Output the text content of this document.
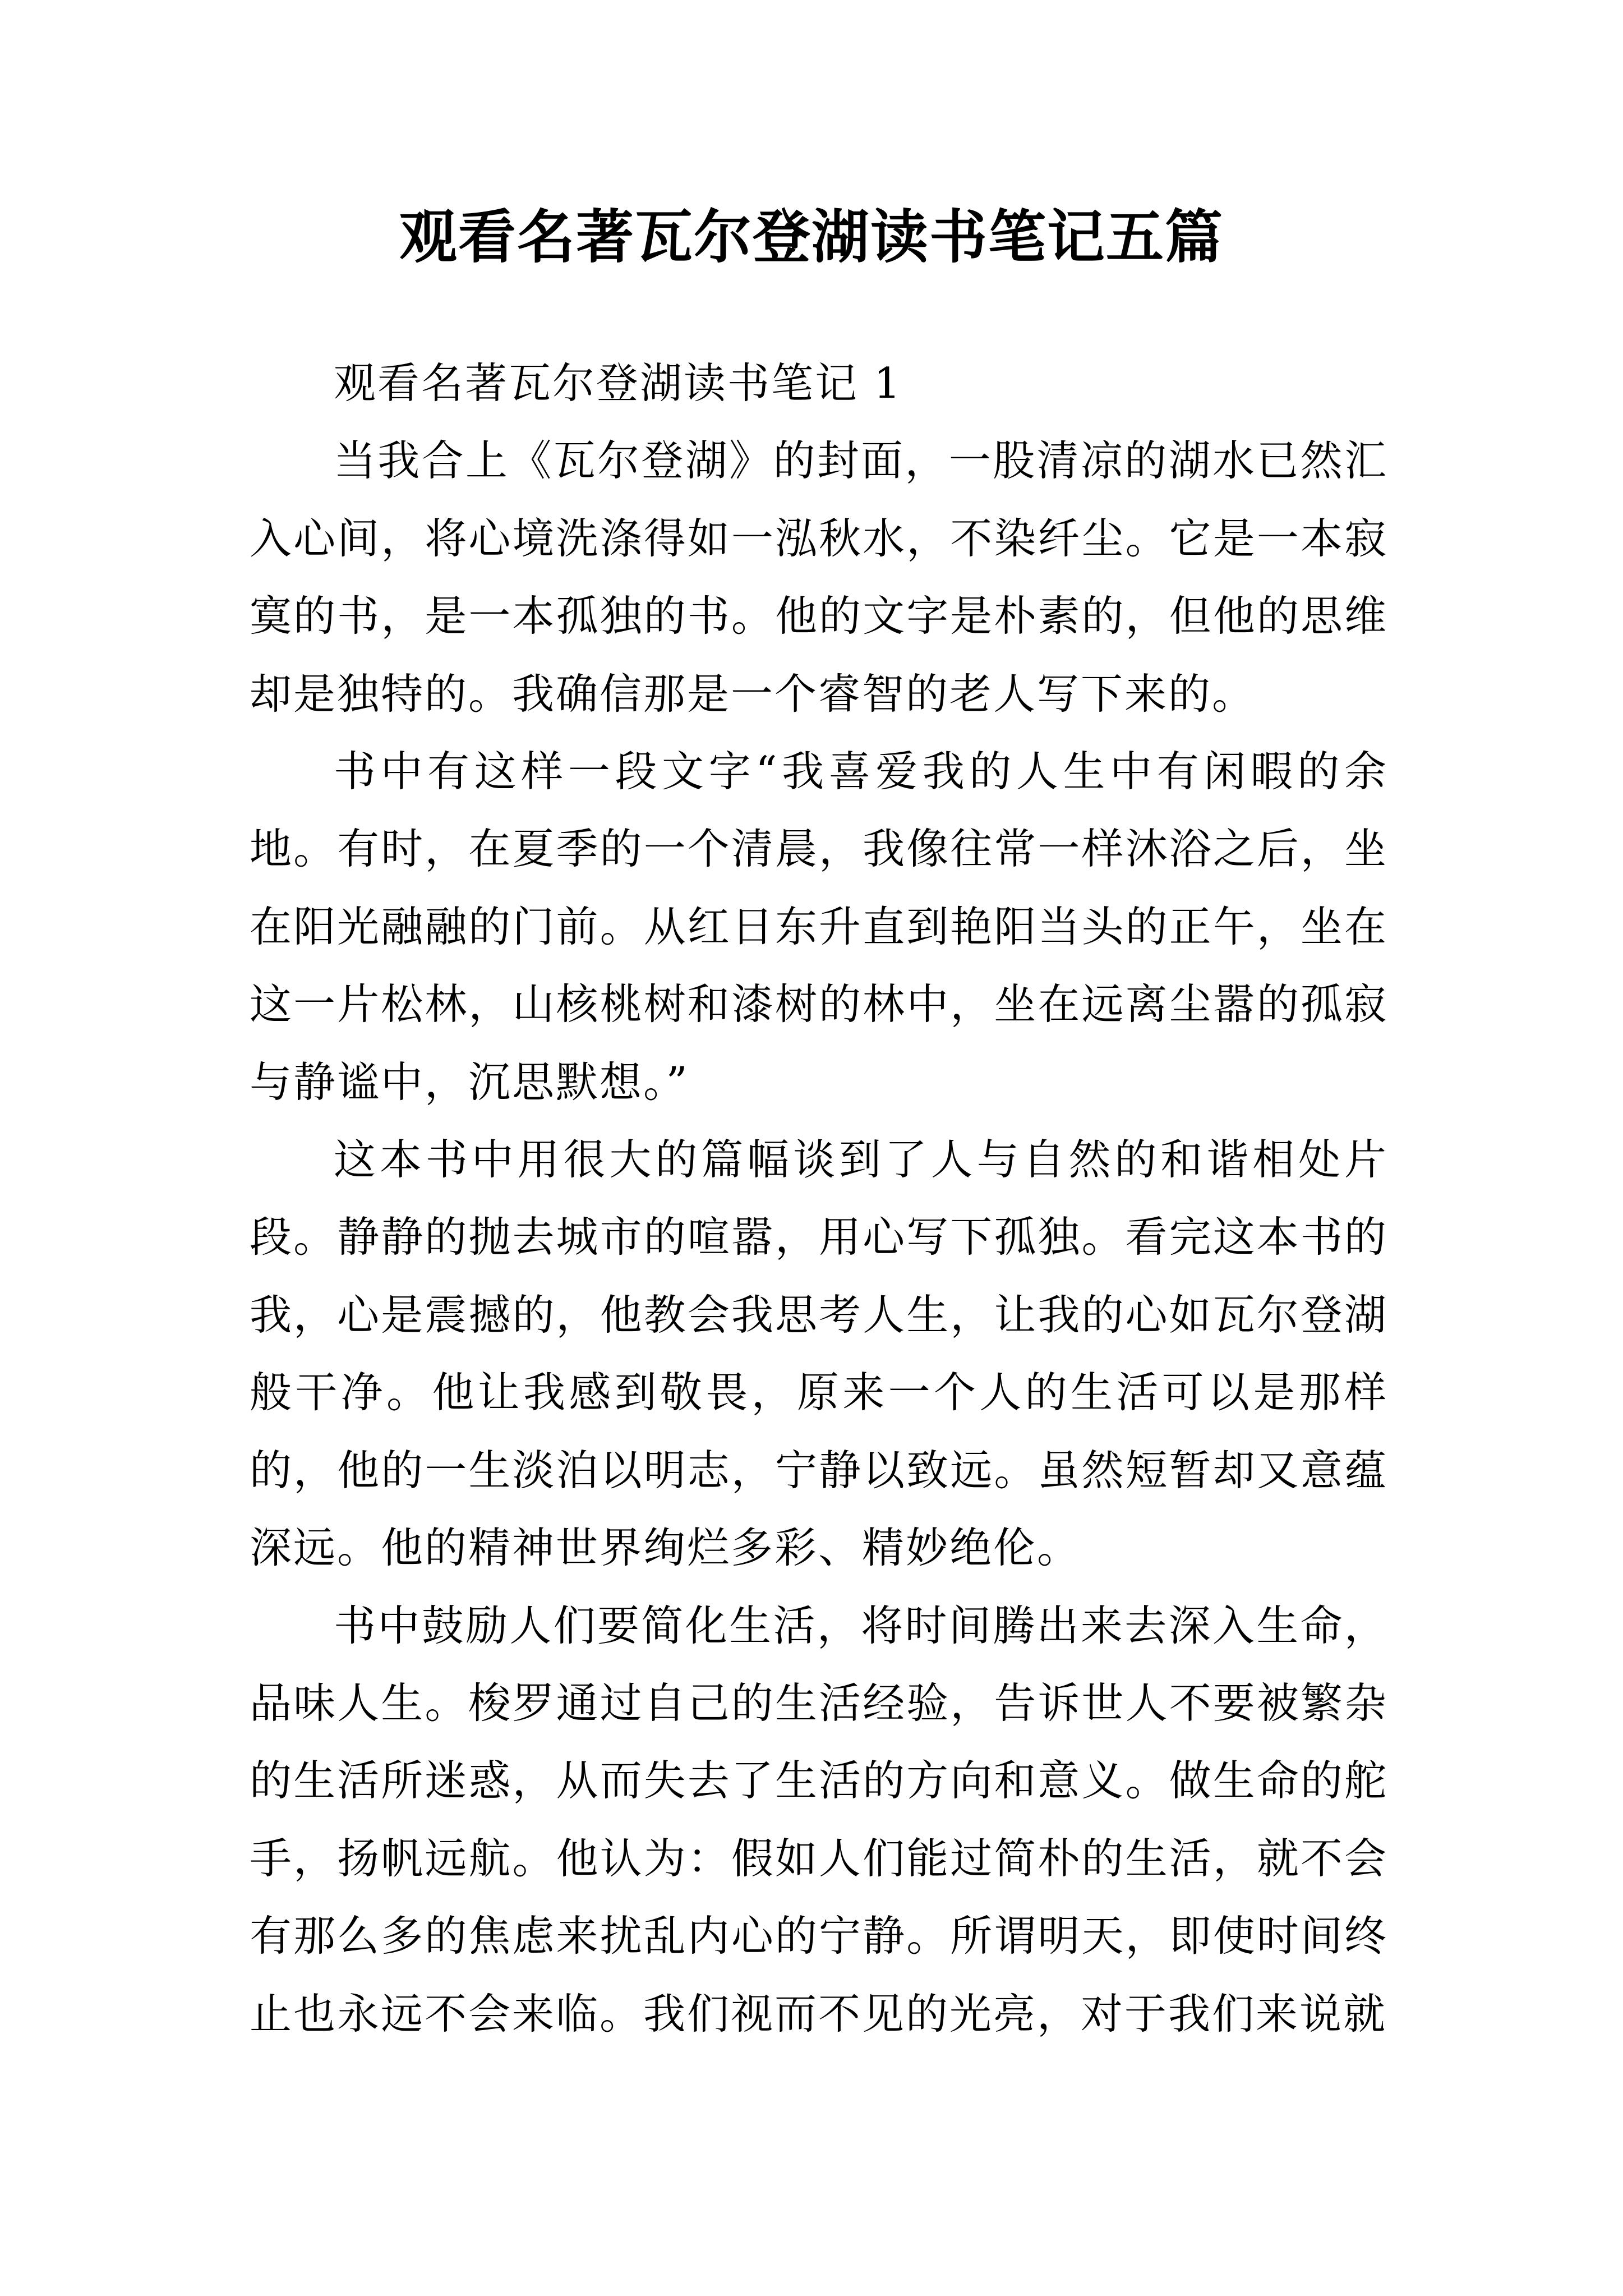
观看名著瓦尔登湖读书笔记五篇

观看名著瓦尔登湖读书笔记 1

当我合上《瓦尔登湖》的封面，一股清凉的湖水已然汇入心间，将心境洗涤得如一泓秋水，不染纤尘。它是一本寂寞的书，是一本孤独的书。他的文字是朴素的，但他的思维却是独特的。我确信那是一个睿智的老人写下来的。

书中有这样一段文字“我喜爱我的人生中有闲暇的余地。有时，在夏季的一个清晨，我像往常一样沐浴之后，坐在阳光融融的门前。从红日东升直到艳阳当头的正午，坐在这一片松林，山核桃树和漆树的林中，坐在远离尘嚣的孤寂与静谧中，沉思默想。”

这本书中用很大的篇幅谈到了人与自然的和谐相处片段。静静的抛去城市的喧嚣，用心写下孤独。看完这本书的我，心是震撼的，他教会我思考人生，让我的心如瓦尔登湖般干净。他让我感到敬畏，原来一个人的生活可以是那样的，他的一生淡泊以明志，宁静以致远。虽然短暂却又意蕴深远。他的精神世界绚烂多彩、精妙绝伦。

书中鼓励人们要简化生活，将时间腾出来去深入生命，品味人生。梭罗通过自己的生活经验，告诉世人不要被繁杂的生活所迷惑，从而失去了生活的方向和意义。做生命的舵手，扬帆远航。他认为：假如人们能过简朴的生活，就不会有那么多的焦虑来扰乱内心的宁静。所谓明天，即使时间终止也永远不会来临。我们视而不见的光亮，对于我们来说就
